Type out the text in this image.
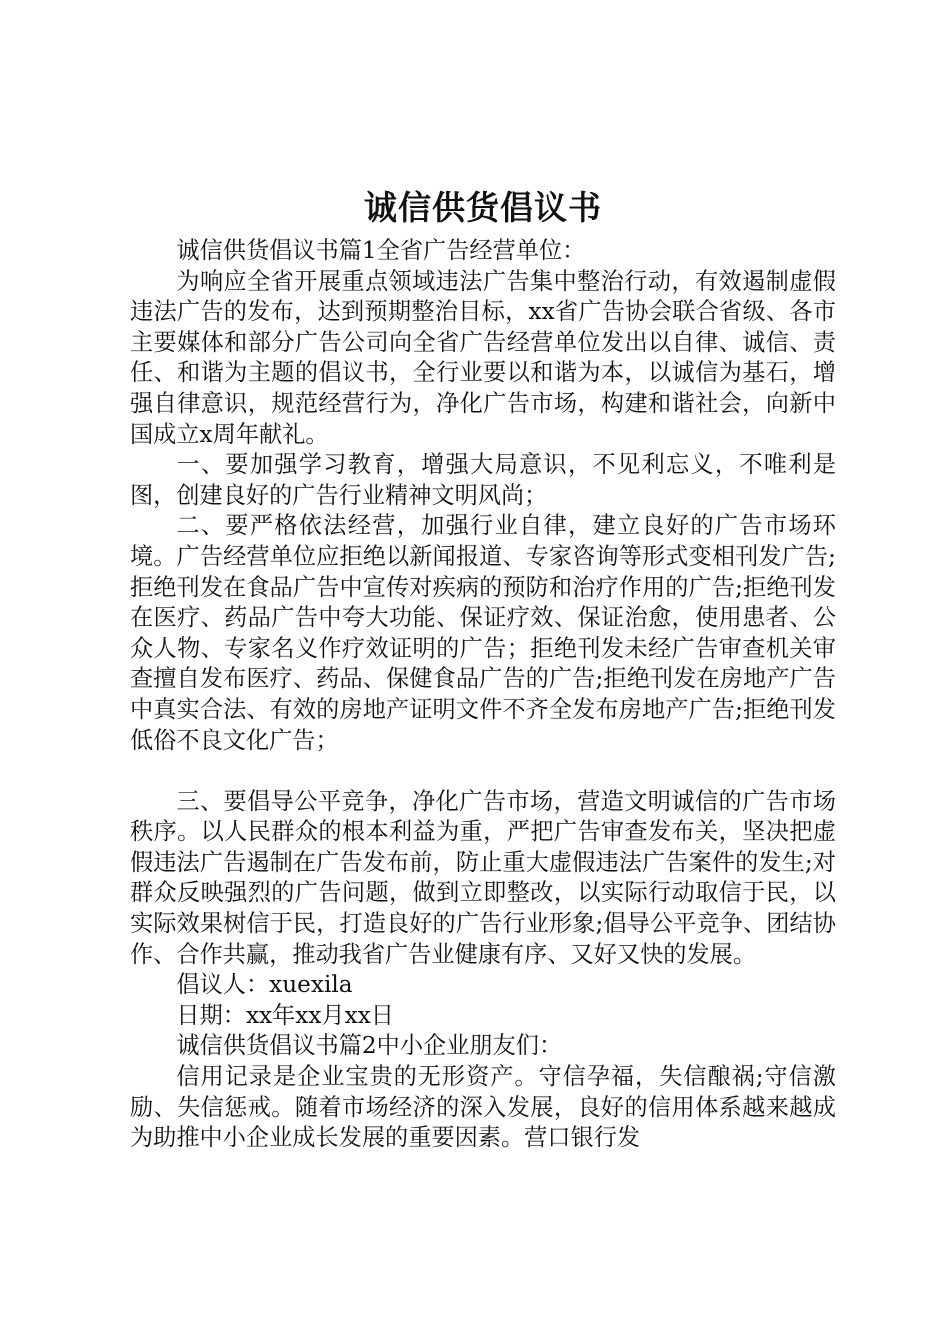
诚信供货倡议书

诚信供货倡议书篇1全省广告经营单位：

为响应全省开展重点领域违法广告集中整治行动，有效遏制虚假违法广告的发布，达到预期整治目标，xx省广告协会联合省级、各市主要媒体和部分广告公司向全省广告经营单位发出以自律、诚信、责任、和谐为主题的倡议书，全行业要以和谐为本，以诚信为基石，增强自律意识，规范经营行为，净化广告市场，构建和谐社会，向新中国成立x周年献礼。

一、要加强学习教育，增强大局意识，不见利忘义，不唯利是图，创建良好的广告行业精神文明风尚；

二、要严格依法经营，加强行业自律，建立良好的广告市场环境。广告经营单位应拒绝以新闻报道、专家咨询等形式变相刊发广告;拒绝刊发在食品广告中宣传对疾病的预防和治疗作用的广告;拒绝刊发在医疗、药品广告中夸大功能、保证疗效、保证治愈，使用患者、公众人物、专家名义作疗效证明的广告；拒绝刊发未经广告审查机关审查擅自发布医疗、药品、保健食品广告的广告;拒绝刊发在房地产广告中真实合法、有效的房地产证明文件不齐全发布房地产广告;拒绝刊发低俗不良文化广告；

三、要倡导公平竞争，净化广告市场，营造文明诚信的广告市场秩序。以人民群众的根本利益为重，严把广告审查发布关，坚决把虚假违法广告遏制在广告发布前，防止重大虚假违法广告案件的发生;对群众反映强烈的广告问题，做到立即整改，以实际行动取信于民，以实际效果树信于民，打造良好的广告行业形象;倡导公平竞争、团结协作、合作共赢，推动我省广告业健康有序、又好又快的发展。

倡议人：xuexila

日期：xx年xx月xx日

诚信供货倡议书篇2中小企业朋友们：

信用记录是企业宝贵的无形资产。守信孕福，失信酿祸;守信激励、失信惩戒。随着市场经济的深入发展，良好的信用体系越来越成为助推中小企业成长发展的重要因素。营口银行发
